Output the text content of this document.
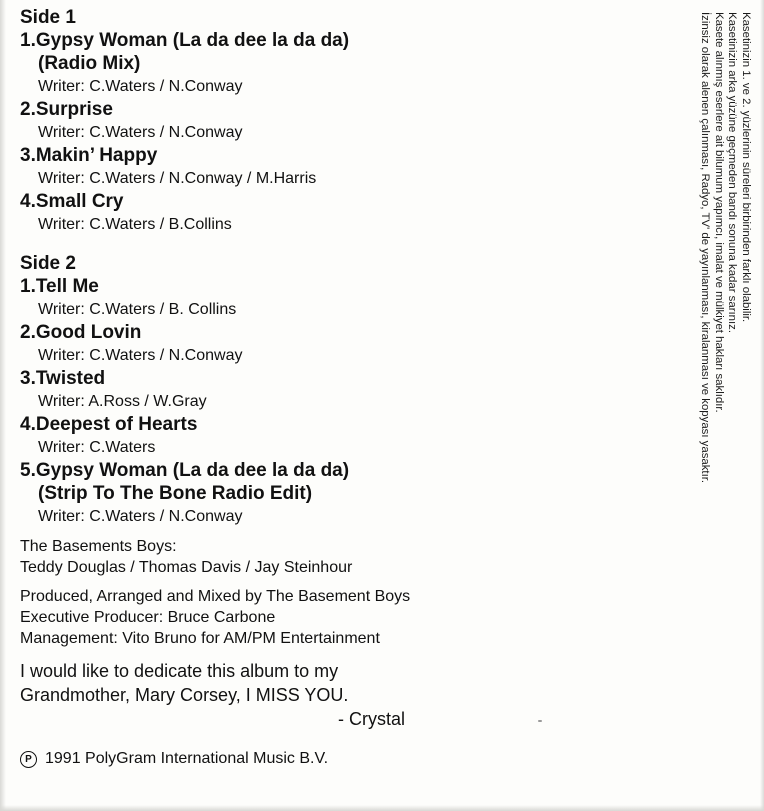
Side 1
1.Gypsy Woman (La da dee la da da)
(Radio Mix)
Writer: C.Waters / N.Conway
2.Surprise
Writer: C.Waters / N.Conway
3.Makin’ Happy
Writer: C.Waters / N.Conway / M.Harris
4.Small Cry
Writer: C.Waters / B.Collins
Side 2
1.Tell Me
Writer: C.Waters / B. Collins
2.Good Lovin
Writer: C.Waters / N.Conway
3.Twisted
Writer: A.Ross / W.Gray
4.Deepest of Hearts
Writer: C.Waters
5.Gypsy Woman (La da dee la da da)
(Strip To The Bone Radio Edit)
Writer: C.Waters / N.Conway
The Basements Boys:
Teddy Douglas / Thomas Davis / Jay Steinhour
Produced, Arranged and Mixed by The Basement Boys
Executive Producer: Bruce Carbone
Management: Vito Bruno for AM/PM Entertainment
I would like to dedicate this album to my
Grandmother, Mary Corsey, I MISS YOU.
- Crystal
P 1991 PolyGram International Music B.V.
Kasetinizin 1. ve 2. yüzlerinin süreleri birbirinden farklı olabilir.
Kasetinizin arka yüzüne geçmeden bandı sonuna kadar sarınız.
Kasete alınmış eserlere ait bilumum yapımcı, imalat ve mülkiyet hakları saklıdır.
İzinsiz olarak alenen çalınması, Radyo, TV' de yayınlanması, kiralanması ve kopyası yasaktır.
